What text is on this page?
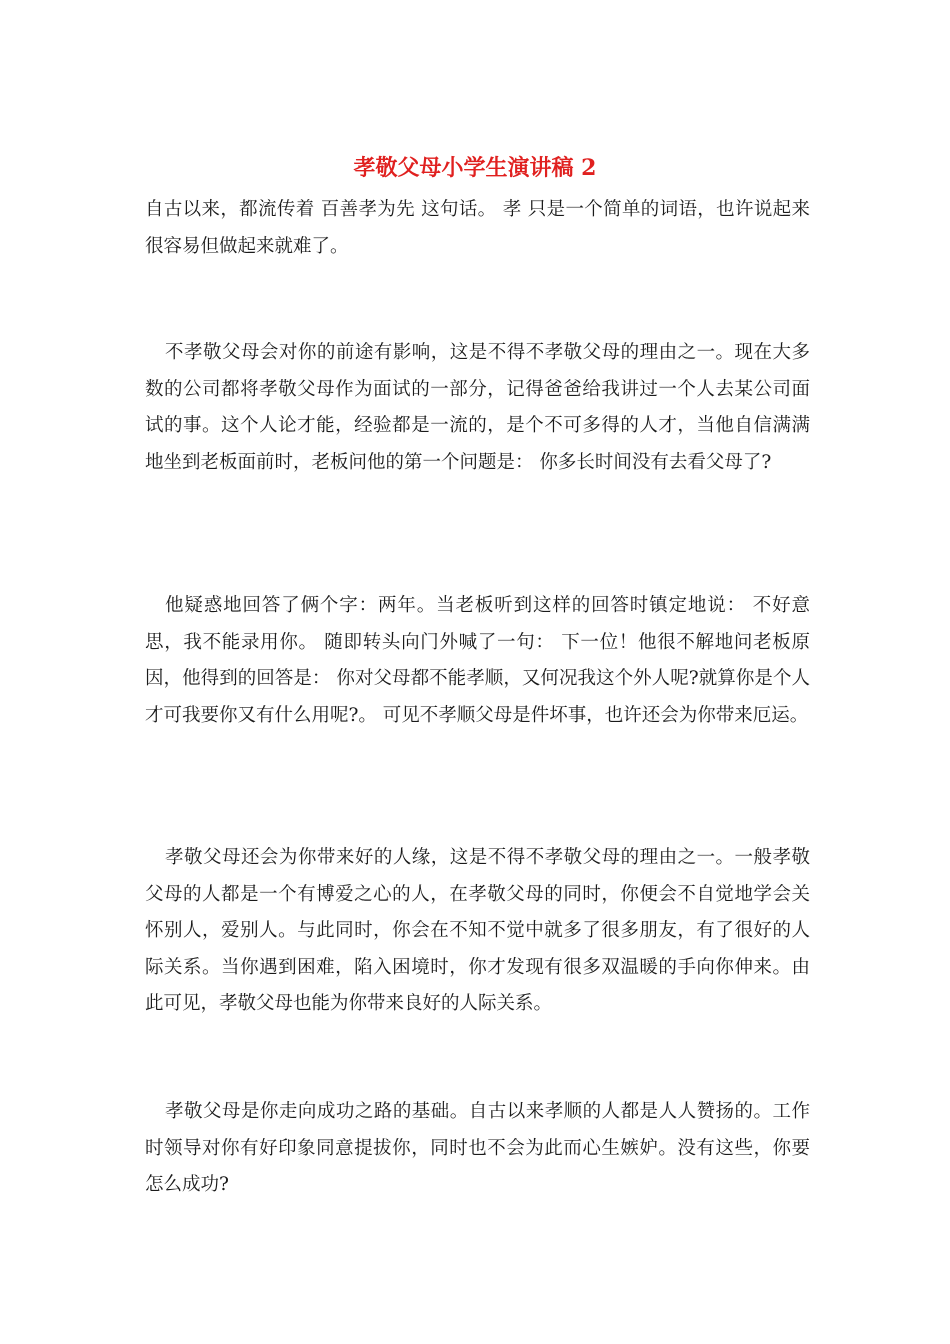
孝敬父母小学生演讲稿 2

自古以来，都流传着 百善孝为先 这句话。 孝 只是一个简单的词语，也许说起来很容易但做起来就难了。

不孝敬父母会对你的前途有影响，这是不得不孝敬父母的理由之一。现在大多数的公司都将孝敬父母作为面试的一部分，记得爸爸给我讲过一个人去某公司面试的事。这个人论才能，经验都是一流的，是个不可多得的人才，当他自信满满地坐到老板面前时，老板问他的第一个问题是： 你多长时间没有去看父母了?

他疑惑地回答了俩个字：两年。当老板听到这样的回答时镇定地说： 不好意思，我不能录用你。 随即转头向门外喊了一句： 下一位！他很不解地问老板原因，他得到的回答是： 你对父母都不能孝顺，又何况我这个外人呢?就算你是个人才可我要你又有什么用呢?。 可见不孝顺父母是件坏事，也许还会为你带来厄运。

孝敬父母还会为你带来好的人缘，这是不得不孝敬父母的理由之一。一般孝敬父母的人都是一个有博爱之心的人，在孝敬父母的同时，你便会不自觉地学会关怀别人，爱别人。与此同时，你会在不知不觉中就多了很多朋友，有了很好的人际关系。当你遇到困难，陷入困境时，你才发现有很多双温暖的手向你伸来。由此可见，孝敬父母也能为你带来良好的人际关系。

孝敬父母是你走向成功之路的基础。自古以来孝顺的人都是人人赞扬的。工作时领导对你有好印象同意提拔你，同时也不会为此而心生嫉妒。没有这些，你要怎么成功?
